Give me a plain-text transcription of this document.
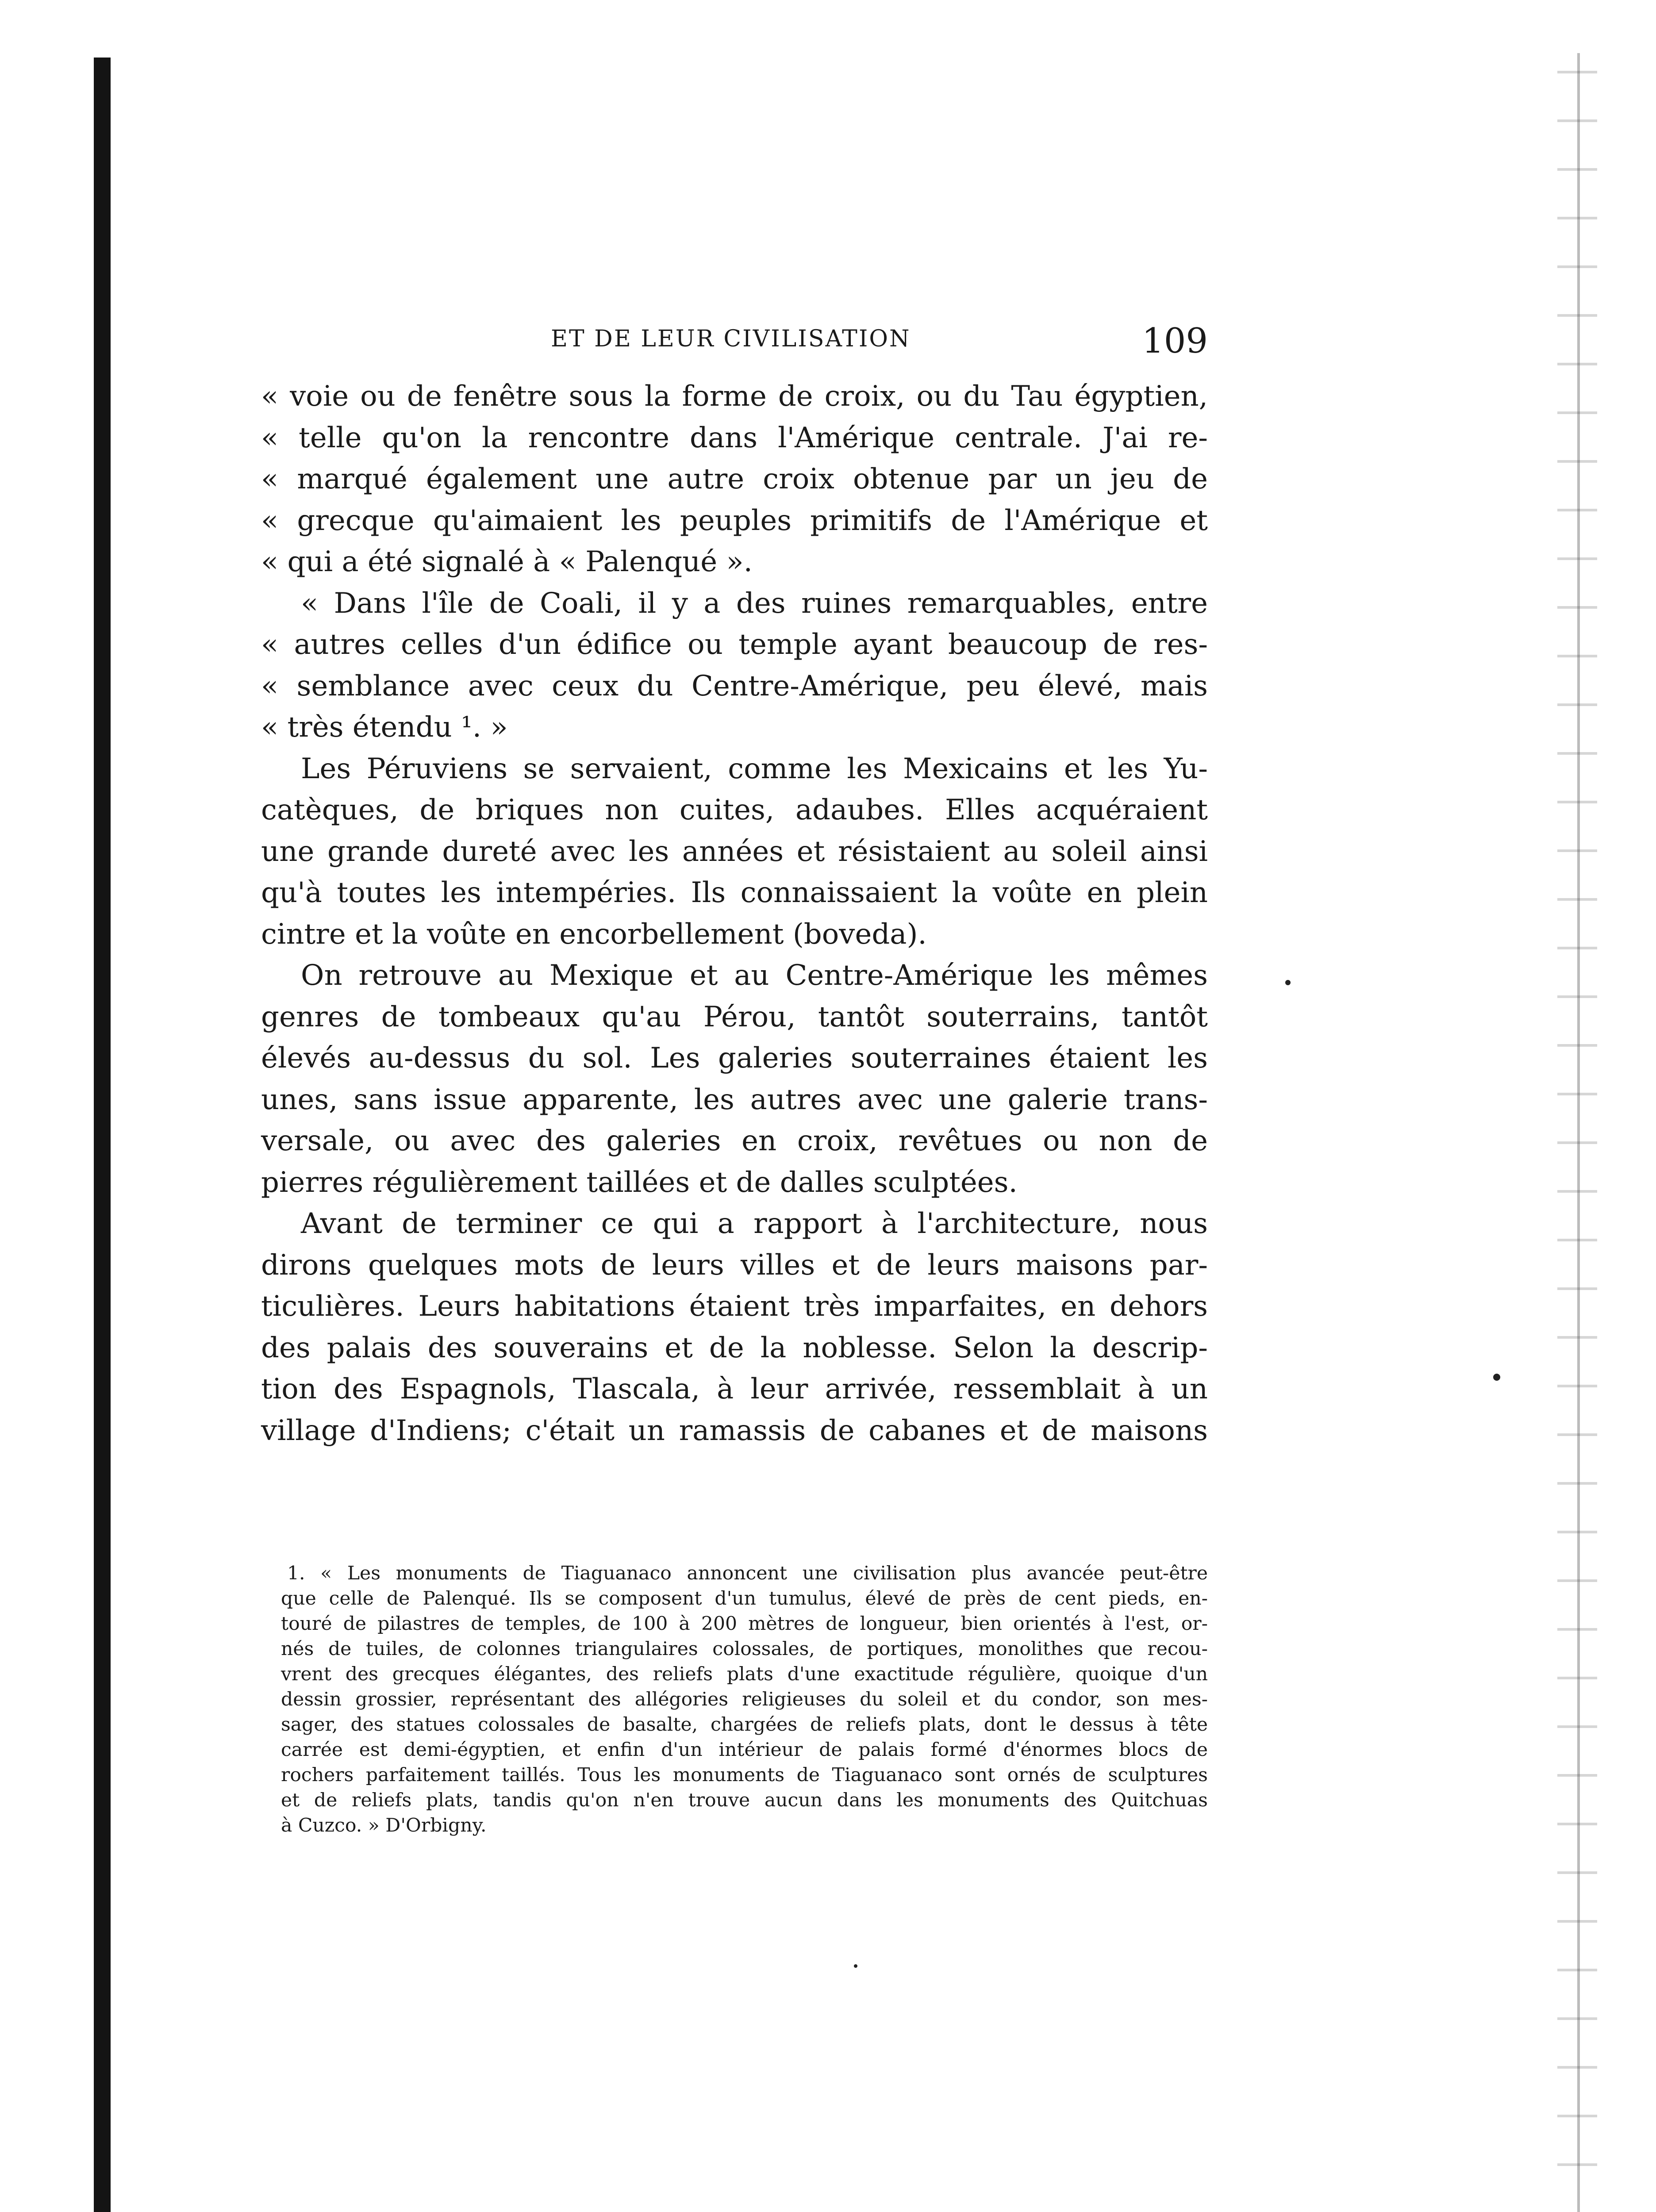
ET DE LEUR CIVILISATION	109
« voie ou de fenêtre sous la forme de croix, ou du Tau égyptien,
« telle qu'on la rencontre dans l'Amérique centrale. J'ai re-
« marqué également une autre croix obtenue par un jeu de
« grecque qu'aimaient les peuples primitifs de l'Amérique et
« qui a été signalé à « Palenqué ».
« Dans l'île de Coali, il y a des ruines remarquables, entre
« autres celles d'un édifice ou temple ayant beaucoup de res-
« semblance avec ceux du Centre-Amérique, peu élevé, mais
« très étendu ¹. »
Les Péruviens se servaient, comme les Mexicains et les Yu-
catèques, de briques non cuites, adaubes. Elles acquéraient
une grande dureté avec les années et résistaient au soleil ainsi
qu'à toutes les intempéries. Ils connaissaient la voûte en plein
cintre et la voûte en encorbellement (boveda).
On retrouve au Mexique et au Centre-Amérique les mêmes
genres de tombeaux qu'au Pérou, tantôt souterrains, tantôt
élevés au-dessus du sol. Les galeries souterraines étaient les
unes, sans issue apparente, les autres avec une galerie trans-
versale, ou avec des galeries en croix, revêtues ou non de
pierres régulièrement taillées et de dalles sculptées.
Avant de terminer ce qui a rapport à l'architecture, nous
dirons quelques mots de leurs villes et de leurs maisons par-
ticulières. Leurs habitations étaient très imparfaites, en dehors
des palais des souverains et de la noblesse. Selon la descrip-
tion des Espagnols, Tlascala, à leur arrivée, ressemblait à un
village d'Indiens; c'était un ramassis de cabanes et de maisons
1. « Les monuments de Tiaguanaco annoncent une civilisation plus avancée peut-être
que celle de Palenqué. Ils se composent d'un tumulus, élevé de près de cent pieds, en-
touré de pilastres de temples, de 100 à 200 mètres de longueur, bien orientés à l'est, or-
nés de tuiles, de colonnes triangulaires colossales, de portiques, monolithes que recou-
vrent des grecques élégantes, des reliefs plats d'une exactitude régulière, quoique d'un
dessin grossier, représentant des allégories religieuses du soleil et du condor, son mes-
sager, des statues colossales de basalte, chargées de reliefs plats, dont le dessus à tête
carrée est demi-égyptien, et enfin d'un intérieur de palais formé d'énormes blocs de
rochers parfaitement taillés. Tous les monuments de Tiaguanaco sont ornés de sculptures
et de reliefs plats, tandis qu'on n'en trouve aucun dans les monuments des Quitchuas
à Cuzco. » D'Orbigny.
